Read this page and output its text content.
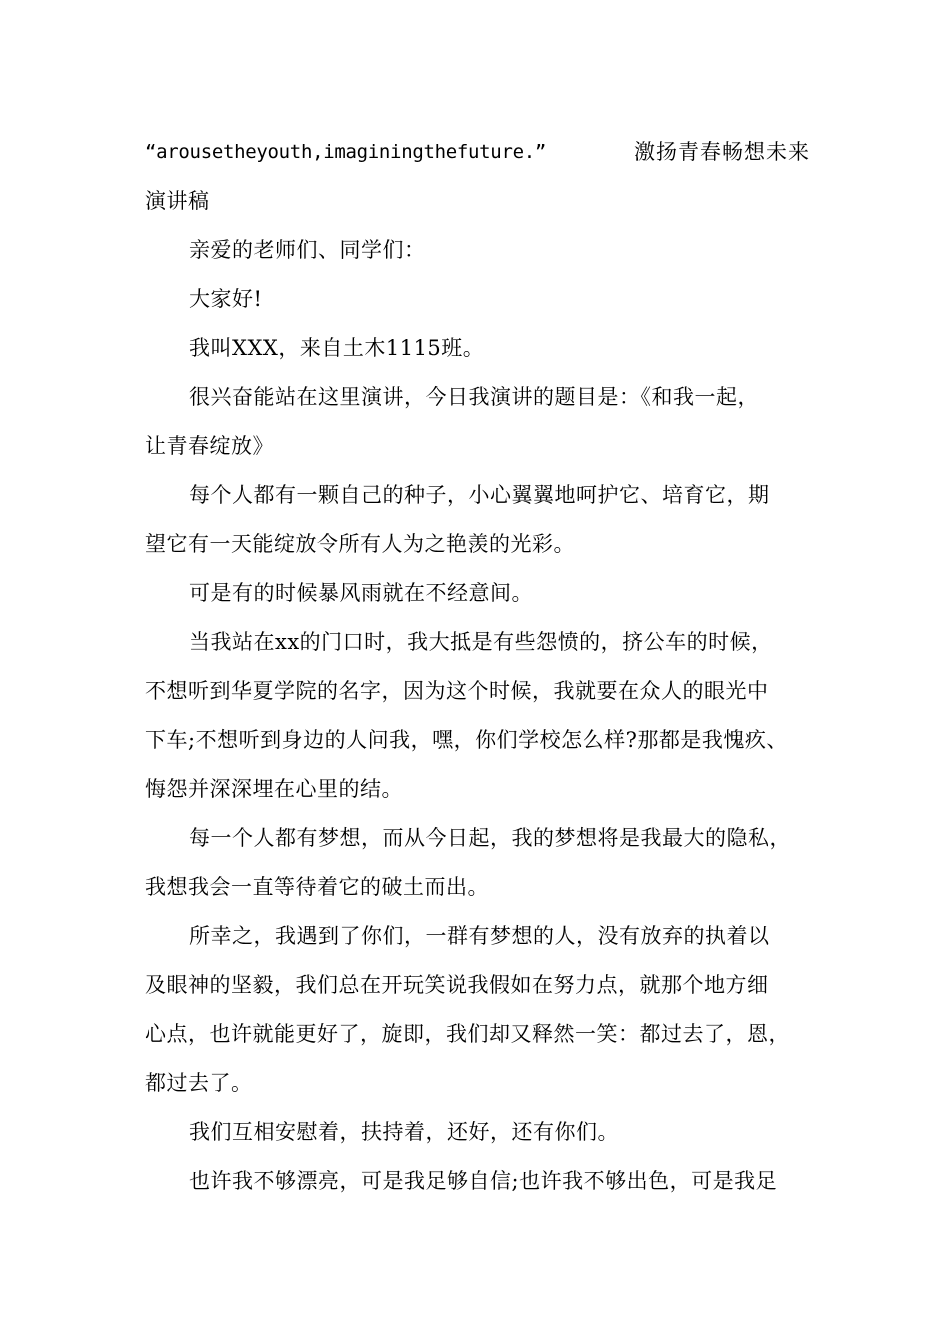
“arousetheyouth,imaginingthefuture.”	激扬青春畅想未来
演讲稿
亲爱的老师们、同学们：
大家好!
我叫XXX，来自土木1115班。
很兴奋能站在这里演讲，今日我演讲的题目是：《和我一起，
让青春绽放》
每个人都有一颗自己的种子，小心翼翼地呵护它、培育它，期
望它有一天能绽放令所有人为之艳羡的光彩。
可是有的时候暴风雨就在不经意间。
当我站在xx的门口时，我大抵是有些怨愤的，挤公车的时候，
不想听到华夏学院的名字，因为这个时候，我就要在众人的眼光中
下车;不想听到身边的人问我，嘿，你们学校怎么样?那都是我愧疚、
悔怨并深深埋在心里的结。
每一个人都有梦想，而从今日起，我的梦想将是我最大的隐私，
我想我会一直等待着它的破土而出。
所幸之，我遇到了你们，一群有梦想的人，没有放弃的执着以
及眼神的坚毅，我们总在开玩笑说我假如在努力点，就那个地方细
心点，也许就能更好了，旋即，我们却又释然一笑：都过去了，恩，
都过去了。
我们互相安慰着，扶持着，还好，还有你们。
也许我不够漂亮，可是我足够自信;也许我不够出色，可是我足
